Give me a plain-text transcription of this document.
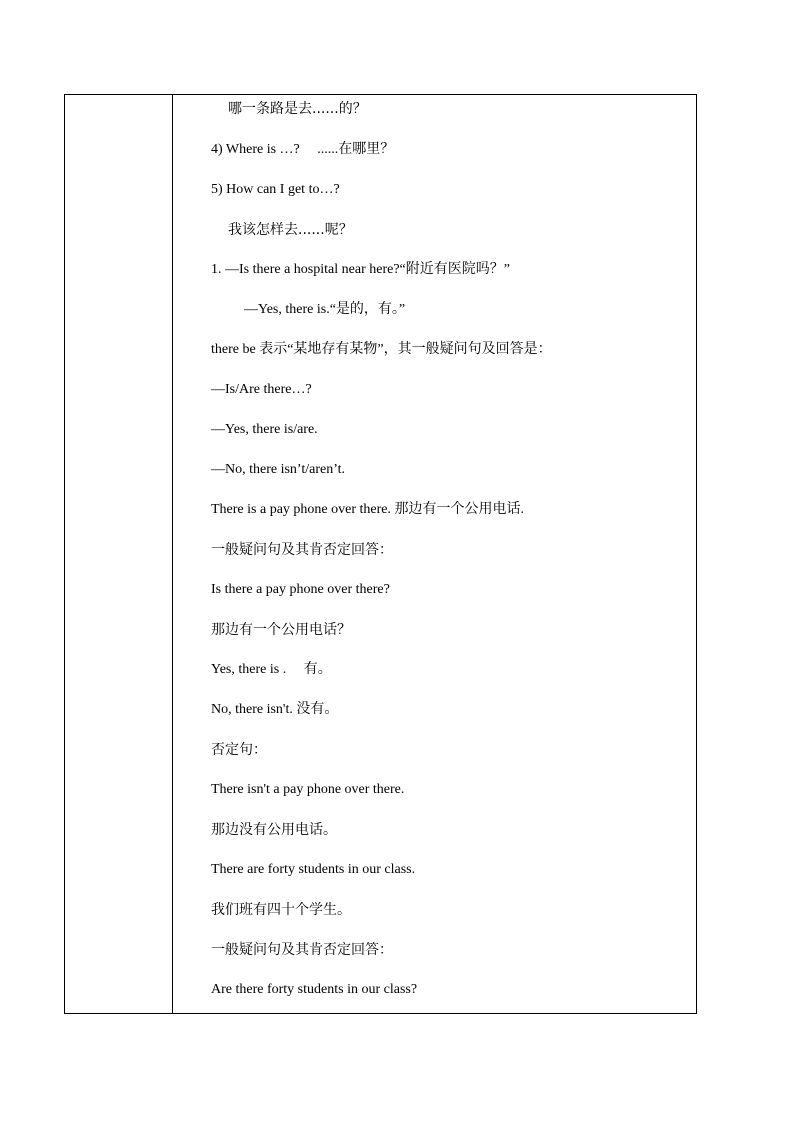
哪一条路是去......的？
4) Where is …?　 ......在哪里？
5) How can I get to…?
我该怎样去......呢？
1. —Is there a hospital near here?“附近有医院吗？”
—Yes, there is.“是的，有。”
there be 表示“某地存有某物”，其一般疑问句及回答是：
—Is/Are there…?
—Yes, there is/are.
—No, there isn’t/aren’t.
There is a pay phone over there. 那边有一个公用电话.
一般疑问句及其肯否定回答：
Is there a pay phone over there?
那边有一个公用电话？
Yes, there is .　 有。
No, there isn't. 没有。
否定句：
There isn't a pay phone over there.
那边没有公用电话。
There are forty students in our class.
我们班有四十个学生。
一般疑问句及其肯否定回答：
Are there forty students in our class?
